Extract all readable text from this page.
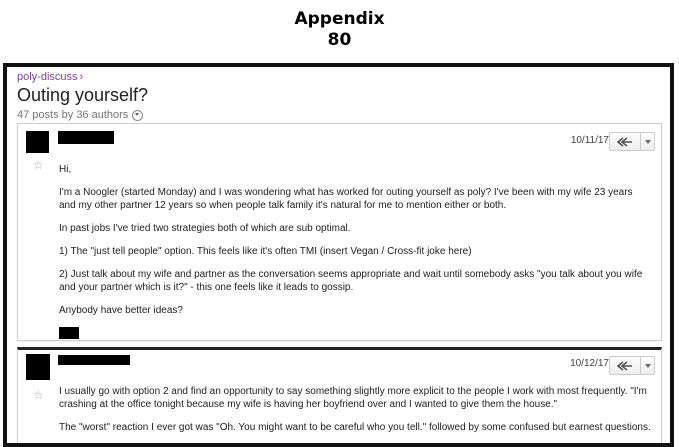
Appendix
80
poly-discuss ›
Outing yourself?
47 posts by 36 authors
☆
10/11/17

Hi,

I'm a Noogler (started Monday) and I was wondering what has worked for outing yourself as poly? I've been with my wife 23 years and my other partner 12 years so when people talk family it's natural for me to mention either or both.

In past jobs I've tried two strategies both of which are sub optimal.

1) The "just tell people" option. This feels like it's often TMI (insert Vegan / Cross-fit joke here)

2) Just talk about my wife and partner as the conversation seems appropriate and wait until somebody asks "you talk about you wife and your partner which is it?" - this one feels like it leads to gossip.

Anybody have better ideas?

☆
10/12/17

I usually go with option 2 and find an opportunity to say something slightly more explicit to the people I work with most frequently. "I'm crashing at the office tonight because my wife is having her boyfriend over and I wanted to give them the house."

The "worst" reaction I ever got was "Oh. You might want to be careful who you tell." followed by some confused but earnest questions.
